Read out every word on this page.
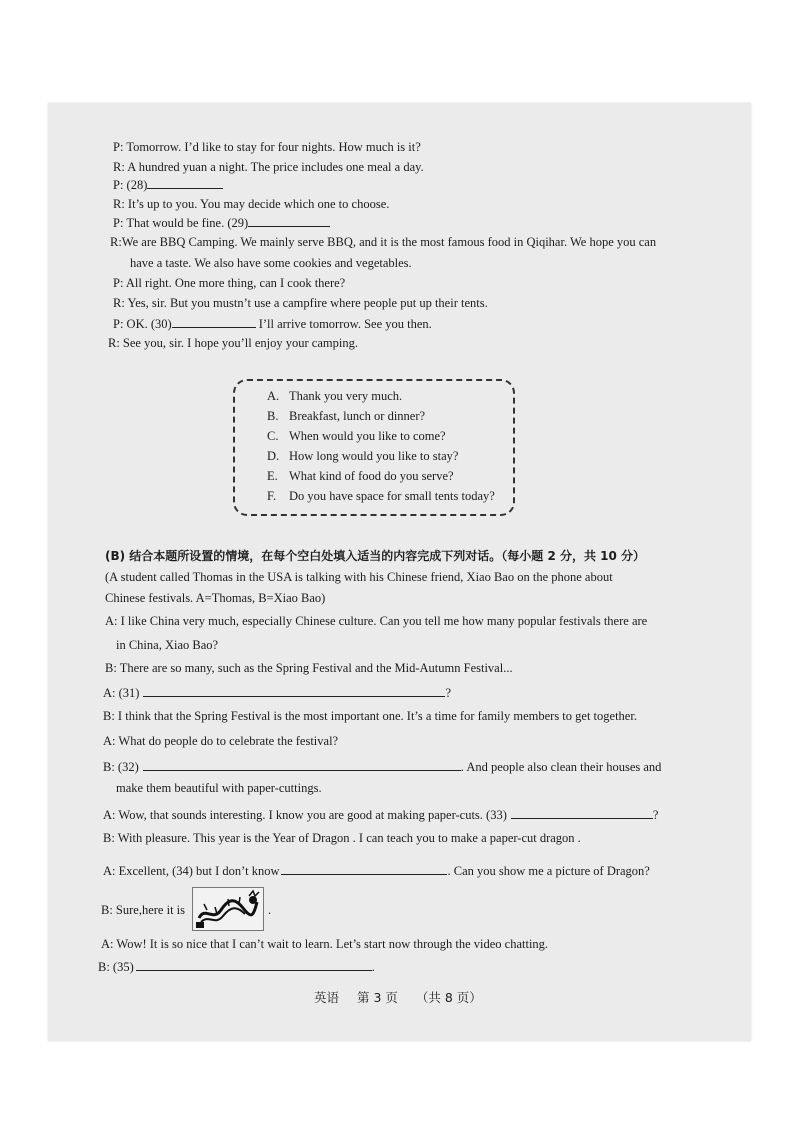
P: Tomorrow. I’d like to stay for four nights. How much is it?
R: A hundred yuan a night. The price includes one meal a day.
P: (28)
R: It’s up to you. You may decide which one to choose.
P: That would be fine. (29)
R:We are BBQ Camping. We mainly serve BBQ, and it is the most famous food in Qiqihar. We hope you can
have a taste. We also have some cookies and vegetables.
P: All right. One more thing, can I cook there?
R: Yes, sir. But you mustn’t use a campfire where people put up their tents.
P: OK. (30)	I’ll arrive tomorrow. See you then.
R: See you, sir. I hope you’ll enjoy your camping.
A. Thank you very much.
B. Breakfast, lunch or dinner?
C. When would you like to come?
D. How long would you like to stay?
E. What kind of food do you serve?
F. Do you have space for small tents today?
(B) 结合本题所设置的情境，在每个空白处填入适当的内容完成下列对话。（每小题 2 分，共 10 分）
(A student called Thomas in the USA is talking with his Chinese friend, Xiao Bao on the phone about
Chinese festivals. A=Thomas, B=Xiao Bao)
A: I like China very much, especially Chinese culture. Can you tell me how many popular festivals there are
in China, Xiao Bao?
B: There are so many, such as the Spring Festival and the Mid-Autumn Festival...
A: (31)	?
B: I think that the Spring Festival is the most important one. It’s a time for family members to get together.
A: What do people do to celebrate the festival?
B: (32)	. And people also clean their houses and
make them beautiful with paper-cuttings.
A: Wow, that sounds interesting. I know you are good at making paper-cuts. (33)	?
B: With pleasure. This year is the Year of Dragon . I can teach you to make a paper-cut dragon .
A: Excellent, (34) but I don’t know	. Can you show me a picture of Dragon?
B: Sure,here it is	.
A: Wow! It is so nice that I can’t wait to learn. Let’s start now through the video chatting.
B: (35)	.
英语 第 3 页 （共 8 页）
